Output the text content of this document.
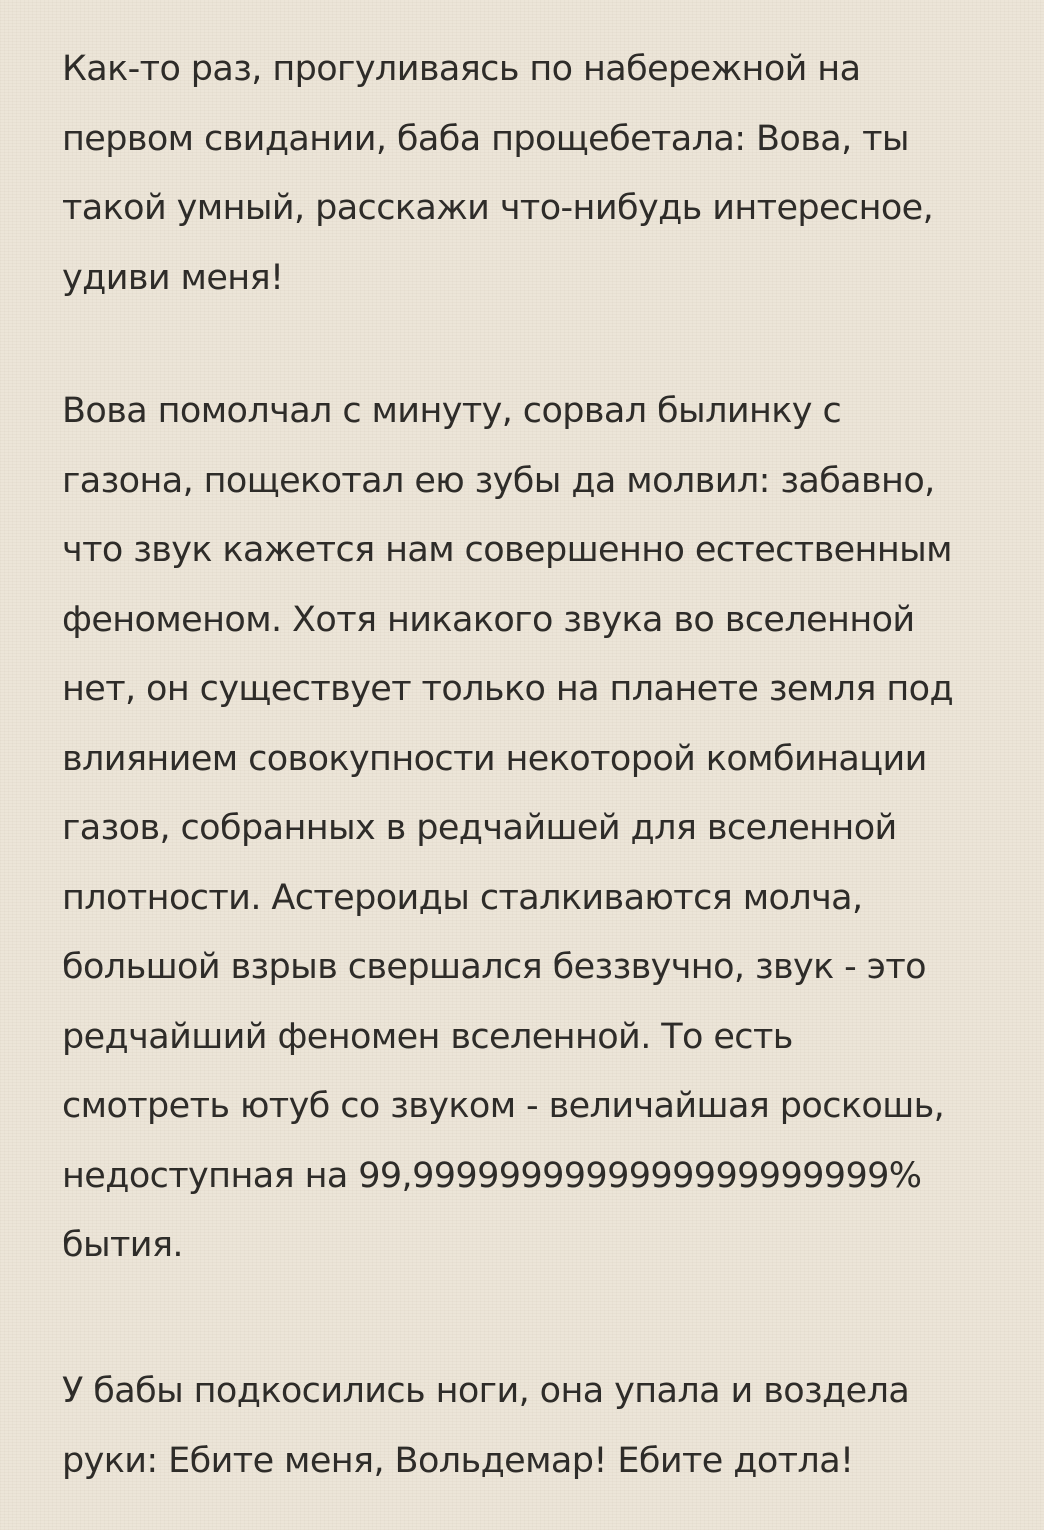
Как-то раз, прогуливаясь по набережной на
первом свидании, баба прощебетала: Вова, ты
такой умный, расскажи что-нибудь интересное,
удиви меня!

Вова помолчал с минуту, сорвал былинку с
газона, пощекотал ею зубы да молвил: забавно,
что звук кажется нам совершенно естественным
феноменом. Хотя никакого звука во вселенной
нет, он существует только на планете земля под
влиянием совокупности некоторой комбинации
газов, собранных в редчайшей для вселенной
плотности. Астероиды сталкиваются молча,
большой взрыв свершался беззвучно, звук - это
редчайший феномен вселенной. То есть
смотреть ютуб со звуком - величайшая роскошь,
недоступная на 99,9999999999999999999999%
бытия.

У бабы подкосились ноги, она упала и воздела
руки: Ебите меня, Вольдемар! Ебите дотла!
